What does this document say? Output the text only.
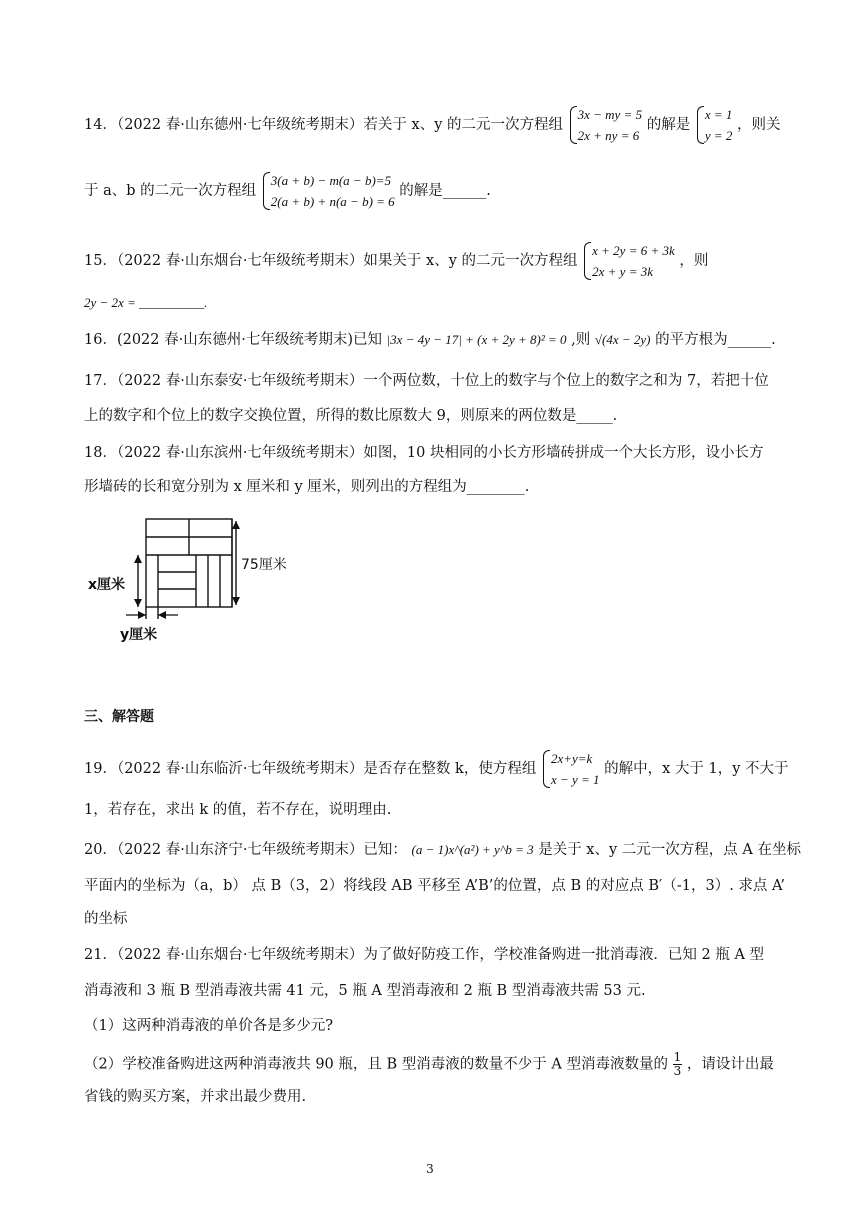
14．（2022 春·山东德州·七年级统考期末）若关于 x、y 的二元一次方程组
3x − my = 5
2x + ny = 6
的解是
x = 1
y = 2
，则关
于 a、b 的二元一次方程组
3(a + b) − m(a − b)=5
2(a + b) + n(a − b) = 6
的解是______.
15．（2022 春·山东烟台·七年级统考期末）如果关于 x、y 的二元一次方程组
x + 2y = 6 + 3k
2x + y = 3k
，则
2y − 2x = __________.
16．(2022 春·山东德州·七年级统考期末)已知 |3x − 4y − 17| + (x + 2y + 8)² = 0 ,则 √(4x − 2y) 的平方根为______.
17．（2022 春·山东泰安·七年级统考期末）一个两位数，十位上的数字与个位上的数字之和为 7，若把十位
上的数字和个位上的数字交换位置，所得的数比原数大 9，则原来的两位数是_____.
18．（2022 春·山东滨州·七年级统考期末）如图，10 块相同的小长方形墙砖拼成一个大长方形，设小长方
形墙砖的长和宽分别为 x 厘米和 y 厘米，则列出的方程组为________.
75厘米
x厘米
y厘米
三、解答题
19．（2022 春·山东临沂·七年级统考期末）是否存在整数 k，使方程组
2x+y=k
x − y = 1
的解中，x 大于 1，y 不大于
1，若存在，求出 k 的值，若不存在，说明理由.
20．（2022 春·山东济宁·七年级统考期末）已知： (a − 1)x^(a²) + y^b = 3 是关于 x、y 二元一次方程，点 A 在坐标
平面内的坐标为（a，b） 点 B（3，2）将线段 AB 平移至 A’B’的位置，点 B 的对应点 B′（-1，3）. 求点 A’
的坐标
21．（2022 春·山东烟台·七年级统考期末）为了做好防疫工作，学校准备购进一批消毒液．已知 2 瓶 A 型
消毒液和 3 瓶 B 型消毒液共需 41 元，5 瓶 A 型消毒液和 2 瓶 B 型消毒液共需 53 元.
（1）这两种消毒液的单价各是多少元?
（2）学校准备购进这两种消毒液共 90 瓶，且 B 型消毒液的数量不少于 A 型消毒液数量的 $\frac{1}{3}$ ，请设计出最
省钱的购买方案，并求出最少费用.
3
